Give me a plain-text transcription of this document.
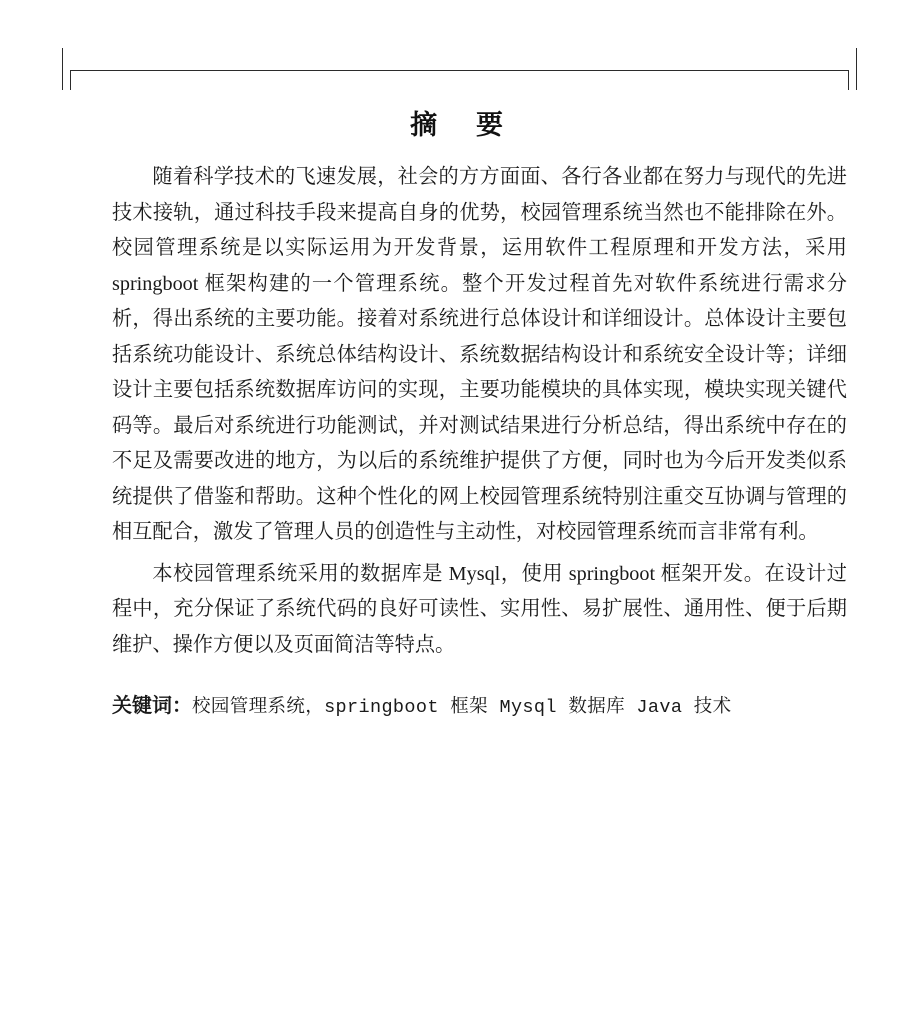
摘　要

随着科学技术的飞速发展，社会的方方面面、各行各业都在努力与现代的先进技术接轨，通过科技手段来提高自身的优势，校园管理系统当然也不能排除在外。校园管理系统是以实际运用为开发背景，运用软件工程原理和开发方法，采用 springboot 框架构建的一个管理系统。整个开发过程首先对软件系统进行需求分析，得出系统的主要功能。接着对系统进行总体设计和详细设计。总体设计主要包括系统功能设计、系统总体结构设计、系统数据结构设计和系统安全设计等；详细设计主要包括系统数据库访问的实现，主要功能模块的具体实现，模块实现关键代码等。最后对系统进行功能测试，并对测试结果进行分析总结，得出系统中存在的不足及需要改进的地方，为以后的系统维护提供了方便，同时也为今后开发类似系统提供了借鉴和帮助。这种个性化的网上校园管理系统特别注重交互协调与管理的相互配合，激发了管理人员的创造性与主动性，对校园管理系统而言非常有利。

本校园管理系统采用的数据库是 Mysql，使用 springboot 框架开发。在设计过程中，充分保证了系统代码的良好可读性、实用性、易扩展性、通用性、便于后期维护、操作方便以及页面简洁等特点。

关键词：校园管理系统，springboot 框架 Mysql 数据库 Java 技术
